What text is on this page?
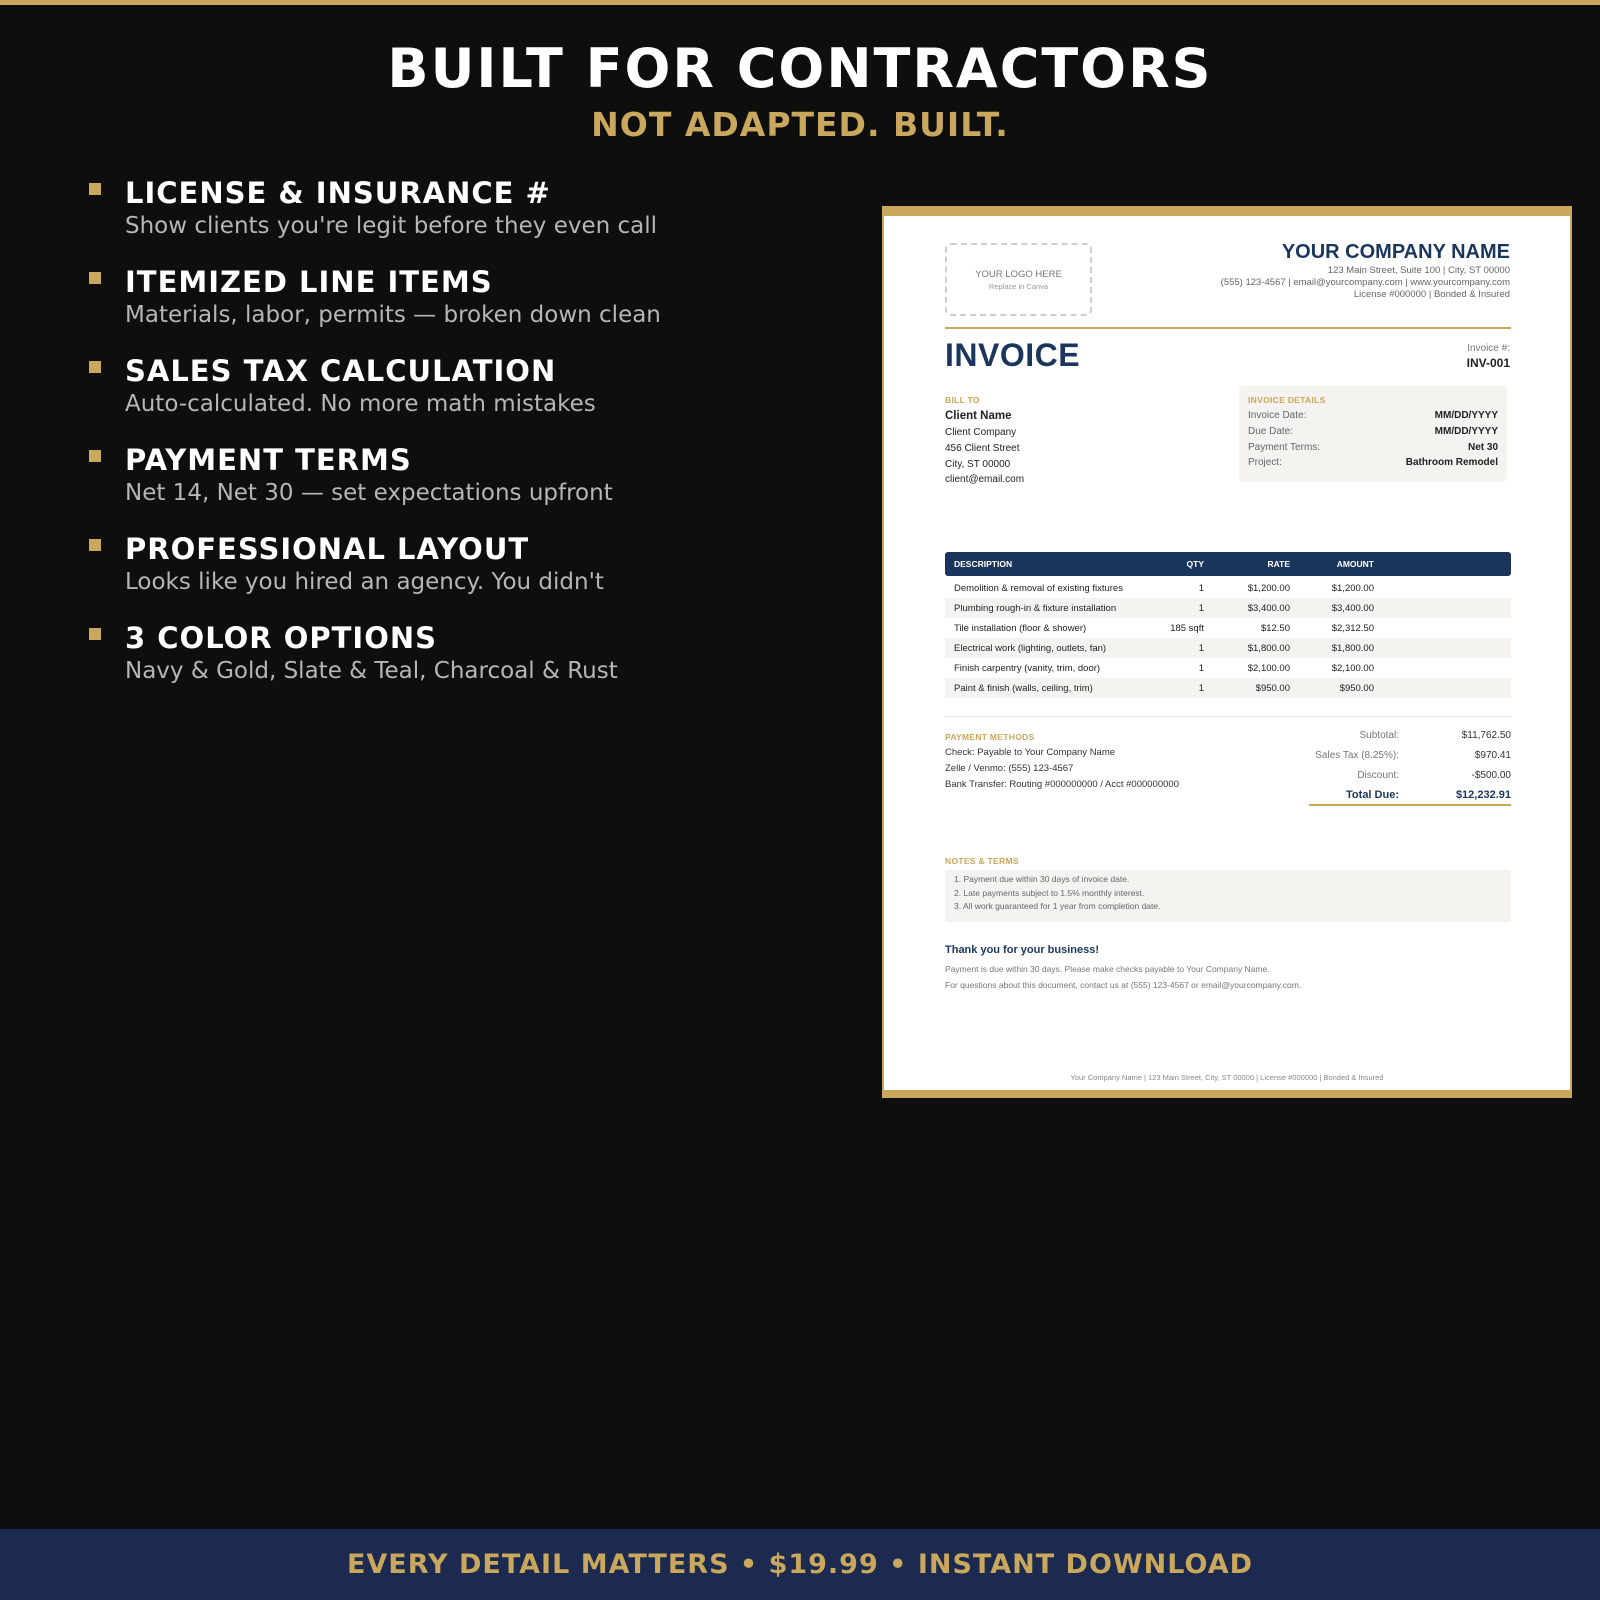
BUILT FOR CONTRACTORS
NOT ADAPTED. BUILT.
LICENSE & INSURANCE #
Show clients you're legit before they even call
ITEMIZED LINE ITEMS
Materials, labor, permits — broken down clean
SALES TAX CALCULATION
Auto-calculated. No more math mistakes
PAYMENT TERMS
Net 14, Net 30 — set expectations upfront
PROFESSIONAL LAYOUT
Looks like you hired an agency. You didn't
3 COLOR OPTIONS
Navy & Gold, Slate & Teal, Charcoal & Rust
YOUR LOGO HERE
Replace in Canva
YOUR COMPANY NAME
123 Main Street, Suite 100 | City, ST 00000
(555) 123-4567 | email@yourcompany.com | www.yourcompany.com
License #000000 | Bonded & Insured
INVOICE	Invoice #:
INV-001
BILL TO
Client Name
Client Company
456 Client Street
City, ST 00000
client@email.com
INVOICE DETAILS
Invoice Date:	MM/DD/YYYY
Due Date:	MM/DD/YYYY
Payment Terms:	Net 30
Project:	Bathroom Remodel
DESCRIPTION	QTY	RATE	AMOUNT
Demolition & removal of existing fixtures	1	$1,200.00	$1,200.00
Plumbing rough-in & fixture installation	1	$3,400.00	$3,400.00
Tile installation (floor & shower)	185 sqft	$12.50	$2,312.50
Electrical work (lighting, outlets, fan)	1	$1,800.00	$1,800.00
Finish carpentry (vanity, trim, door)	1	$2,100.00	$2,100.00
Paint & finish (walls, ceiling, trim)	1	$950.00	$950.00
PAYMENT METHODS
Check: Payable to Your Company Name
Zelle / Venmo: (555) 123-4567
Bank Transfer: Routing #000000000 / Acct #000000000
Subtotal:	$11,762.50
Sales Tax (8.25%):	$970.41
Discount:	-$500.00
Total Due:	$12,232.91
NOTES & TERMS
1. Payment due within 30 days of invoice date.
2. Late payments subject to 1.5% monthly interest.
3. All work guaranteed for 1 year from completion date.
Thank you for your business!
Payment is due within 30 days. Please make checks payable to Your Company Name.
For questions about this document, contact us at (555) 123-4567 or email@yourcompany.com.
Your Company Name | 123 Main Street, City, ST 00000 | License #000000 | Bonded & Insured
EVERY DETAIL MATTERS • $19.99 • INSTANT DOWNLOAD
